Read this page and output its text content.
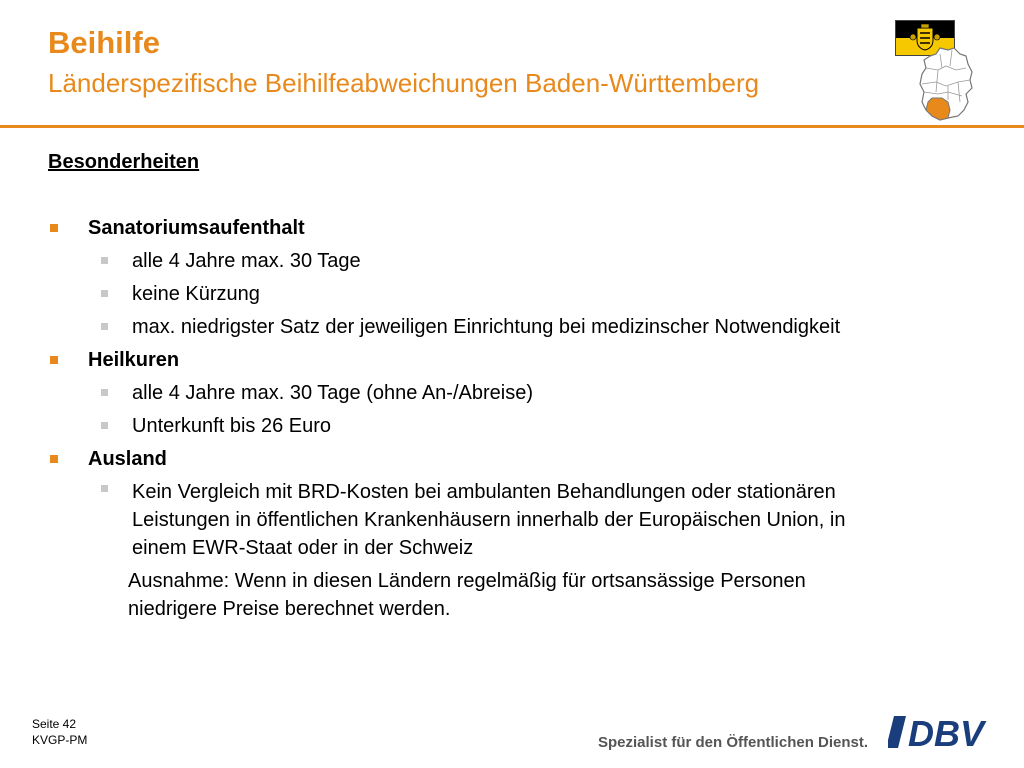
Beihilfe
Länderspezifische Beihilfeabweichungen Baden-Württemberg
Besonderheiten
Sanatoriumsaufenthalt
alle 4 Jahre max. 30 Tage
keine Kürzung
max. niedrigster Satz der jeweiligen Einrichtung bei medizinscher Notwendigkeit
Heilkuren
alle 4 Jahre max. 30 Tage (ohne An-/Abreise)
Unterkunft bis 26 Euro
Ausland
Kein Vergleich mit BRD-Kosten bei ambulanten Behandlungen oder stationären
Leistungen in öffentlichen Krankenhäusern innerhalb der Europäischen Union, in
einem EWR-Staat oder in der Schweiz
Ausnahme: Wenn in diesen Ländern regelmäßig für ortsansässige Personen
niedrigere Preise berechnet werden.
Seite 42
KVGP-PM	Spezialist für den Öffentlichen Dienst. DBV
